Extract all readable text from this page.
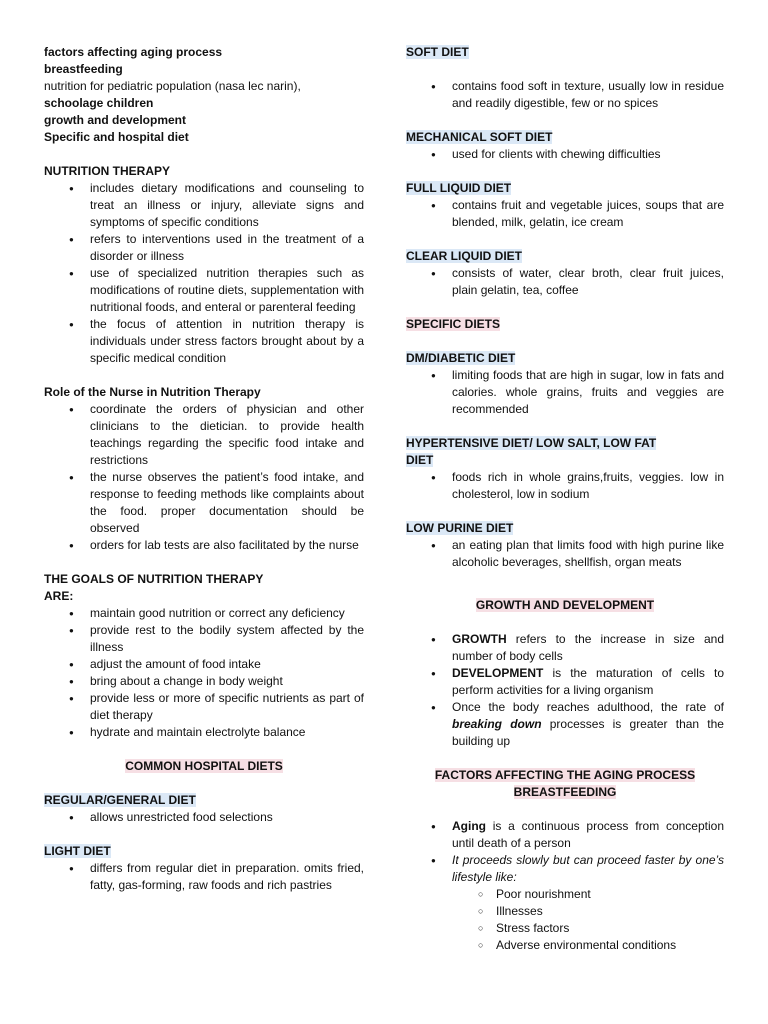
factors affecting aging process

breastfeeding

nutrition for pediatric population (nasa lec narin),

schoolage children

growth and development

Specific and hospital diet

NUTRITION THERAPY
● includes dietary modifications and counseling to treat an illness or injury, alleviate signs and symptoms of specific conditions
● refers to interventions used in the treatment of a disorder or illness
● use of specialized nutrition therapies such as modifications of routine diets, supplementation with nutritional foods, and enteral or parenteral feeding
● the focus of attention in nutrition therapy is individuals under stress factors brought about by a specific medical condition
Role of the Nurse in Nutrition Therapy
● coordinate the orders of physician and other clinicians to the dietician. to provide health teachings regarding the specific food intake and restrictions
● the nurse observes the patient’s food intake, and response to feeding methods like complaints about the food. proper documentation should be observed
● orders for lab tests are also facilitated by the nurse
THE GOALS OF NUTRITION THERAPY
ARE:
● maintain good nutrition or correct any deficiency
● provide rest to the bodily system affected by the illness
● adjust the amount of food intake
● bring about a change in body weight
● provide less or more of specific nutrients as part of diet therapy
● hydrate and maintain electrolyte balance
COMMON HOSPITAL DIETS
REGULAR/GENERAL DIET
● allows unrestricted food selections
LIGHT DIET
● differs from regular diet in preparation. omits fried, fatty, gas-forming, raw foods and rich pastries
SOFT DIET
● contains food soft in texture, usually low in residue and readily digestible, few or no spices
MECHANICAL SOFT DIET
● used for clients with chewing difficulties
FULL LIQUID DIET
● contains fruit and vegetable juices, soups that are blended, milk, gelatin, ice cream
CLEAR LIQUID DIET
● consists of water, clear broth, clear fruit juices, plain gelatin, tea, coffee
SPECIFIC DIETS
DM/DIABETIC DIET
● limiting foods that are high in sugar, low in fats and calories. whole grains, fruits and veggies are recommended
HYPERTENSIVE DIET/ LOW SALT, LOW FAT
DIET
● foods rich in whole grains,fruits, veggies. low in cholesterol, low in sodium
LOW PURINE DIET
● an eating plan that limits food with high purine like alcoholic beverages, shellfish, organ meats
GROWTH AND DEVELOPMENT
● GROWTH refers to the increase in size and number of body cells
● DEVELOPMENT is the maturation of cells to perform activities for a living organism
● Once the body reaches adulthood, the rate of breaking down processes is greater than the building up
FACTORS AFFECTING THE AGING PROCESS
BREASTFEEDING
● Aging is a continuous process from conception until death of a person
● It proceeds slowly but can proceed faster by one’s lifestyle like:
○ Poor nourishment
○ Illnesses
○ Stress factors
○ Adverse environmental conditions
